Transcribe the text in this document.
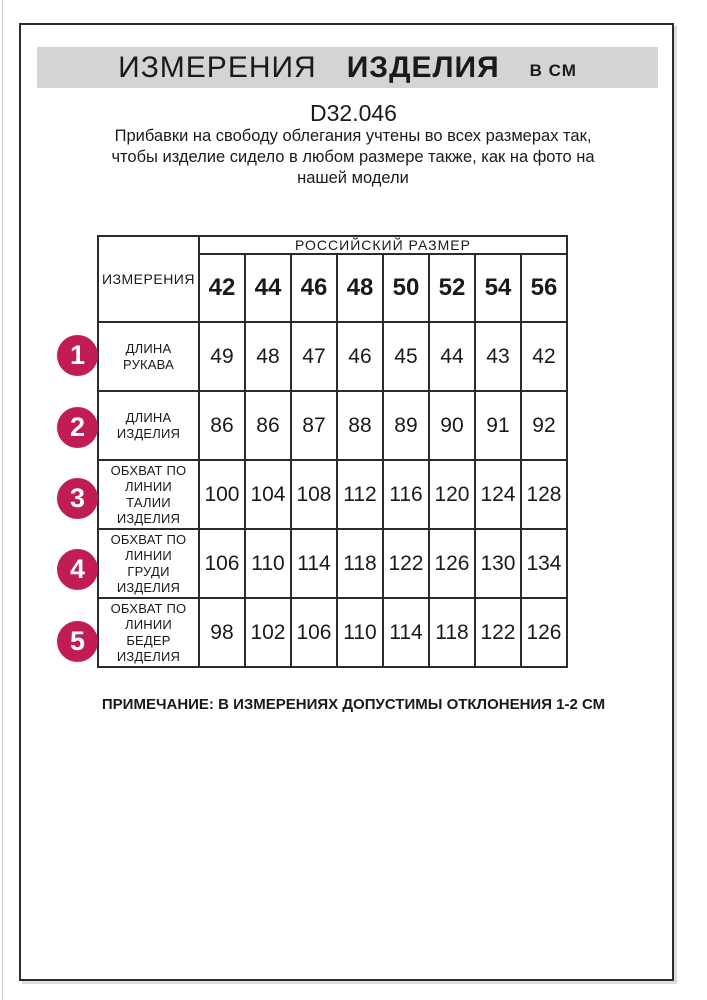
ИЗМЕРЕНИЯ ИЗДЕЛИЯ В СМ
D32.046
Прибавки на свободу облегания учтены во всех размерах так, чтобы изделие сидело в любом размере также, как на фото на нашей модели
ИЗМЕРЕНИЯ	РОССИЙСКИЙ РАЗМЕР							
	42	44	46	48	50	52	54	56
ДЛИНА РУКАВА	49	48	47	46	45	44	43	42
ДЛИНА ИЗДЕЛИЯ	86	86	87	88	89	90	91	92
ОБХВАТ ПО ЛИНИИ ТАЛИИ ИЗДЕЛИЯ	100	104	108	112	116	120	124	128
ОБХВАТ ПО ЛИНИИ ГРУДИ ИЗДЕЛИЯ	106	110	114	118	122	126	130	134
ОБХВАТ ПО ЛИНИИ БЕДЕР ИЗДЕЛИЯ	98	102	106	110	114	118	122	126
1
2
3
4
5
ПРИМЕЧАНИЕ: В ИЗМЕРЕНИЯХ ДОПУСТИМЫ ОТКЛОНЕНИЯ 1-2 СМ
